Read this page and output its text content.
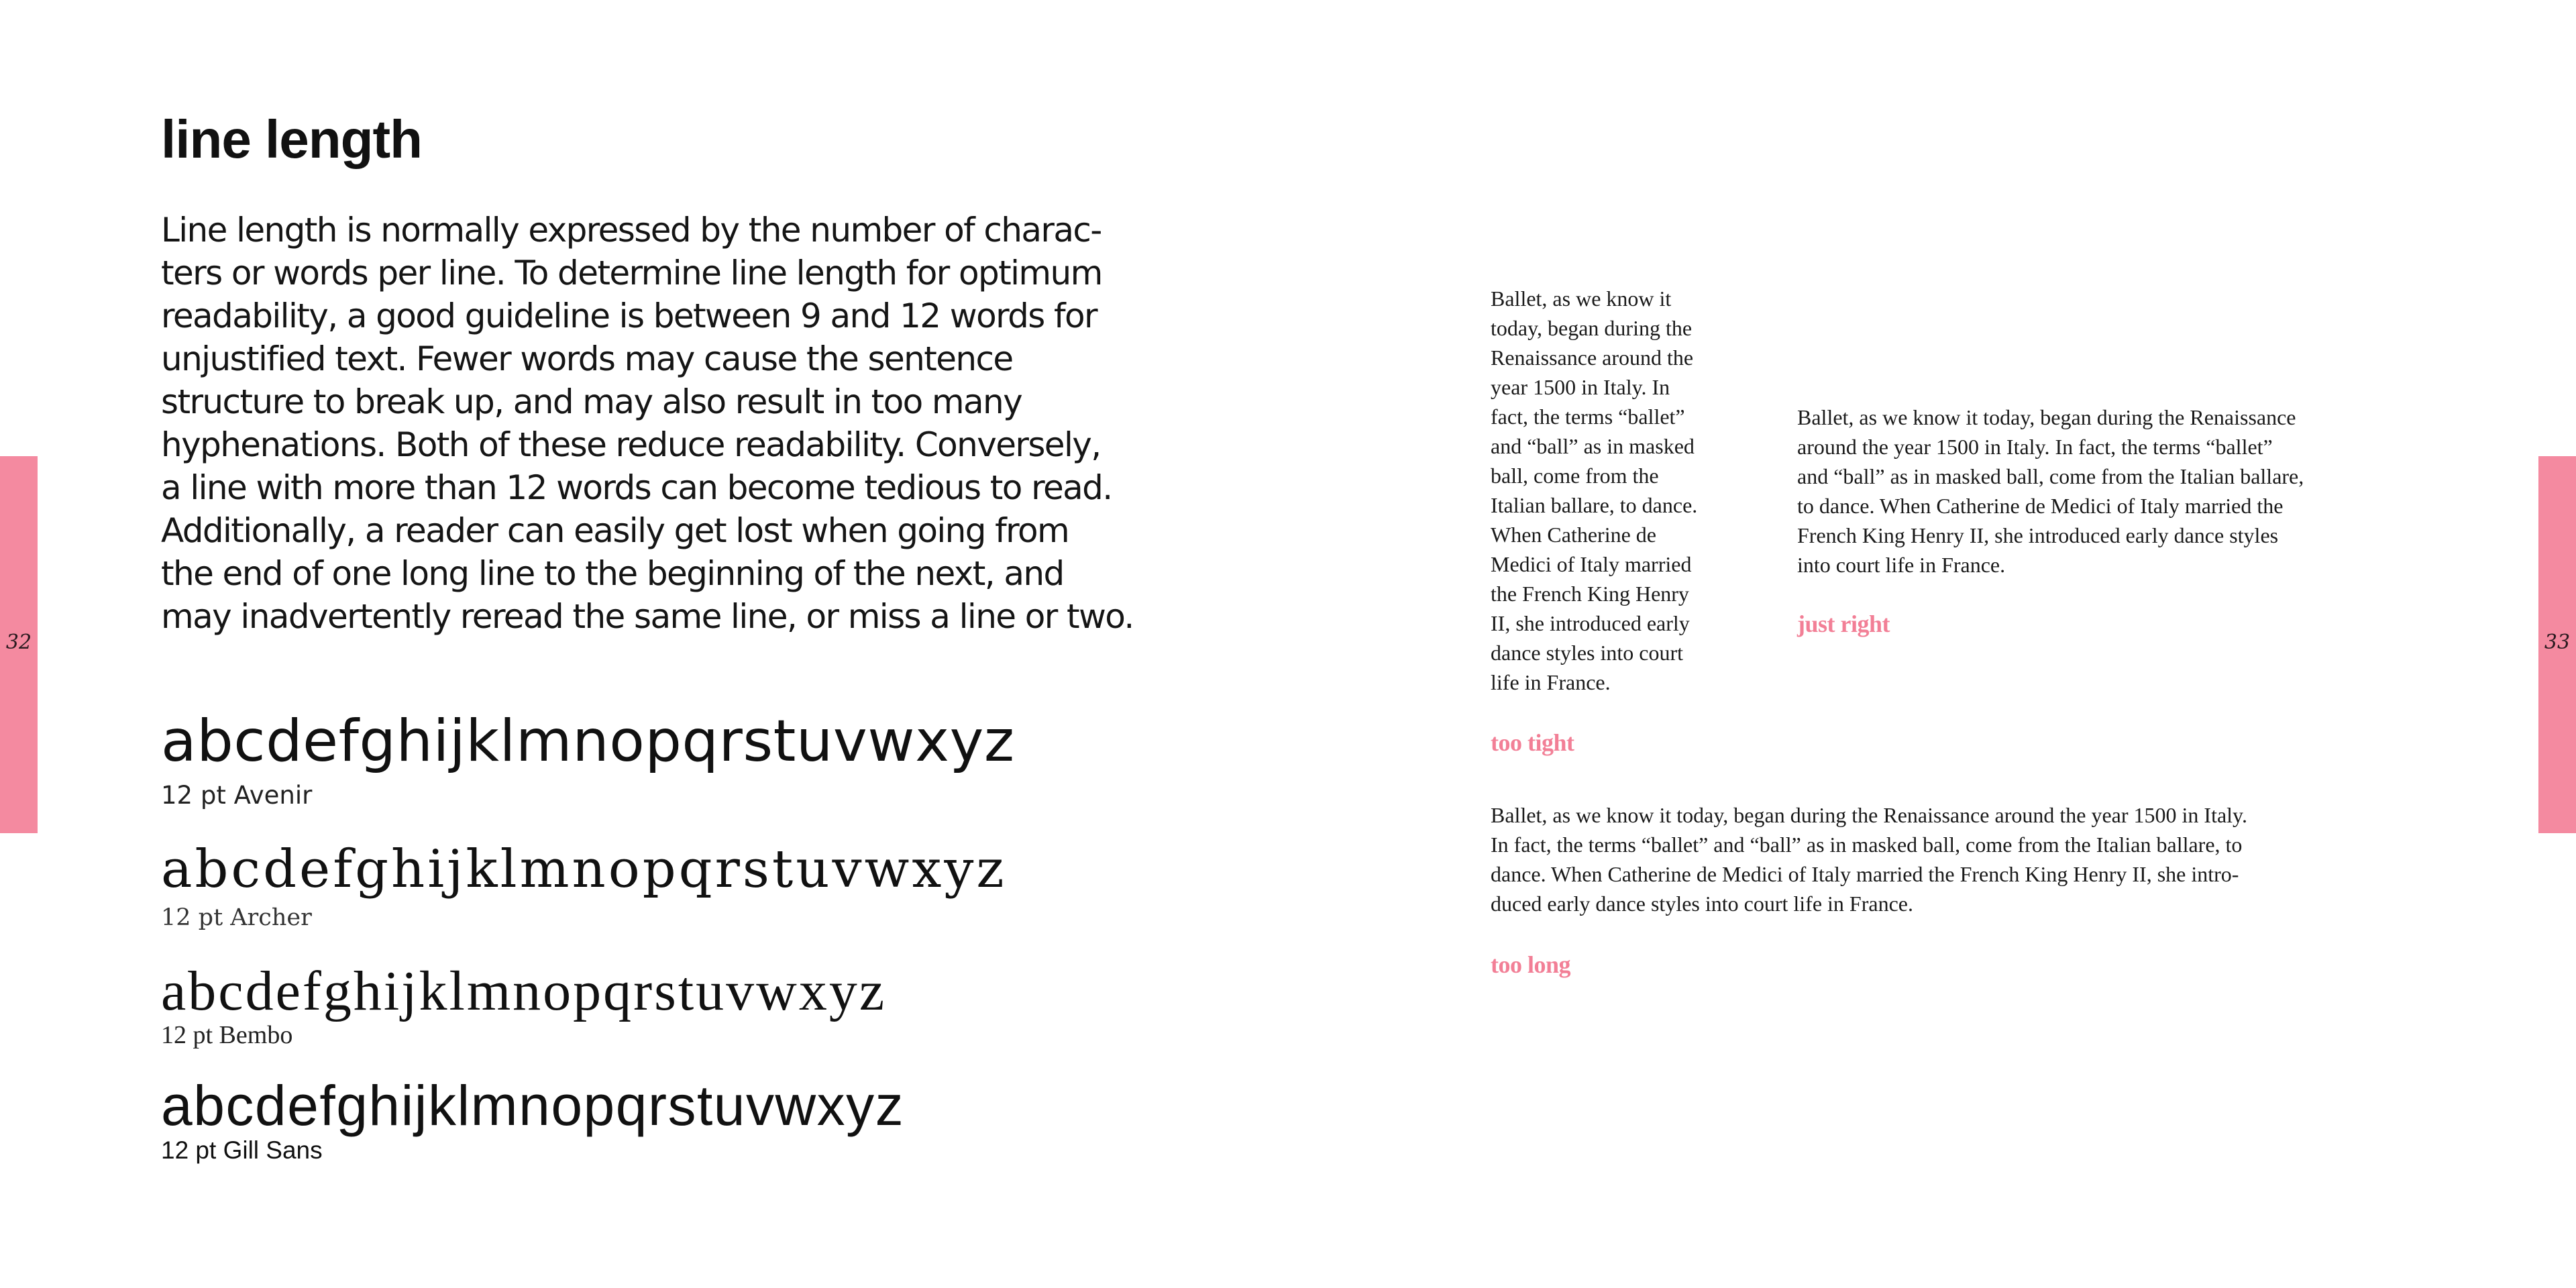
32	33
line length

Line length is normally expressed by the number of charac-
ters or words per line. To determine line length for optimum
readability, a good guideline is between 9 and 12 words for
unjustified text. Fewer words may cause the sentence
structure to break up, and may also result in too many
hyphenations. Both of these reduce readability. Conversely,
a line with more than 12 words can become tedious to read.
Additionally, a reader can easily get lost when going from
the end of one long line to the beginning of the next, and
may inadvertently reread the same line, or miss a line or two.

abcdefghijklmnopqrstuvwxyz

12 pt Avenir

abcdefghijklmnopqrstuvwxyz

12 pt Archer

abcdefghijklmnopqrstuvwxyz

12 pt Bembo

abcdefghijklmnopqrstuvwxyz

12 pt Gill Sans

Ballet, as we know it
today, began during the
Renaissance around the
year 1500 in Italy. In
fact, the terms “ballet”
and “ball” as in masked
ball, come from the
Italian ballare, to dance.
When Catherine de
Medici of Italy married
the French King Henry
II, she introduced early
dance styles into court
life in France.

too tight

Ballet, as we know it today, began during the Renaissance
around the year 1500 in Italy. In fact, the terms “ballet”
and “ball” as in masked ball, come from the Italian ballare,
to dance. When Catherine de Medici of Italy married the
French King Henry II, she introduced early dance styles
into court life in France.

just right

Ballet, as we know it today, began during the Renaissance around the year 1500 in Italy.
In fact, the terms “ballet” and “ball” as in masked ball, come from the Italian ballare, to
dance. When Catherine de Medici of Italy married the French King Henry II, she intro-
duced early dance styles into court life in France.

too long
